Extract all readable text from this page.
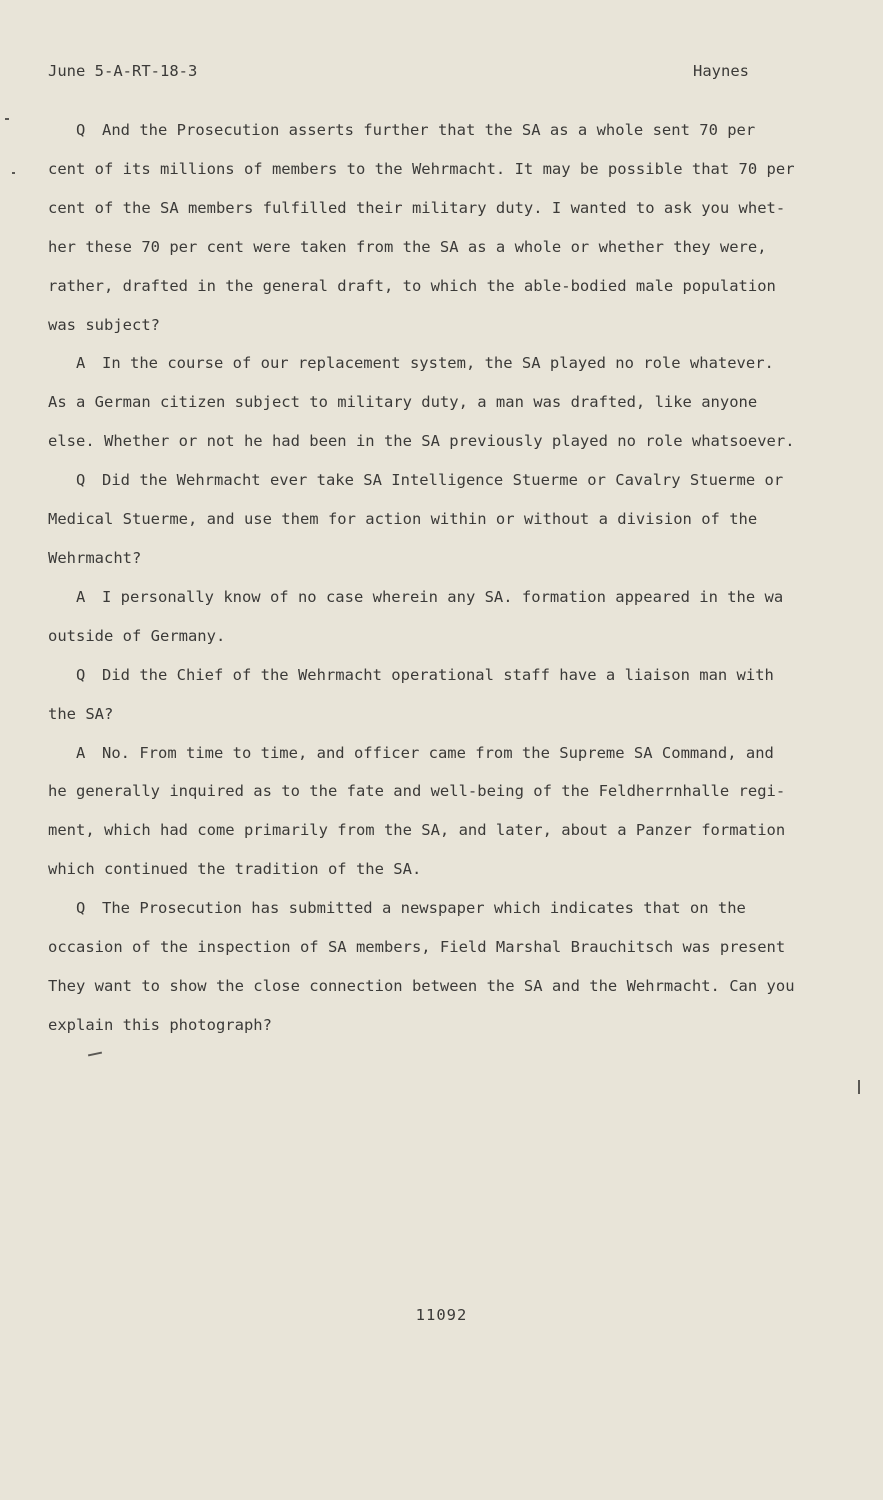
June 5-A-RT-18-3	Haynes
Q And the Prosecution asserts further that the SA as a whole sent 70 per
cent of its millions of members to the Wehrmacht. It may be possible that 70 per
cent of the SA members fulfilled their military duty. I wanted to ask you whet-
her these 70 per cent were taken from the SA as a whole or whether they were,
rather, drafted in the general draft, to which the able-bodied male population
was subject?
A In the course of our replacement system, the SA played no role whatever.
As a German citizen subject to military duty, a man was drafted, like anyone
else. Whether or not he had been in the SA previously played no role whatsoever.
Q Did the Wehrmacht ever take SA Intelligence Stuerme or Cavalry Stuerme or
Medical Stuerme, and use them for action within or without a division of the
Wehrmacht?
A I personally know of no case wherein any SA. formation appeared in the wa
outside of Germany.
Q Did the Chief of the Wehrmacht operational staff have a liaison man with
the SA?
A No. From time to time, and officer came from the Supreme SA Command, and
he generally inquired as to the fate and well-being of the Feldherrnhalle regi-
ment, which had come primarily from the SA, and later, about a Panzer formation
which continued the tradition of the SA.
Q The Prosecution has submitted a newspaper which indicates that on the
occasion of the inspection of SA members, Field Marshal Brauchitsch was present
They want to show the close connection between the SA and the Wehrmacht. Can you
explain this photograph?
11092
